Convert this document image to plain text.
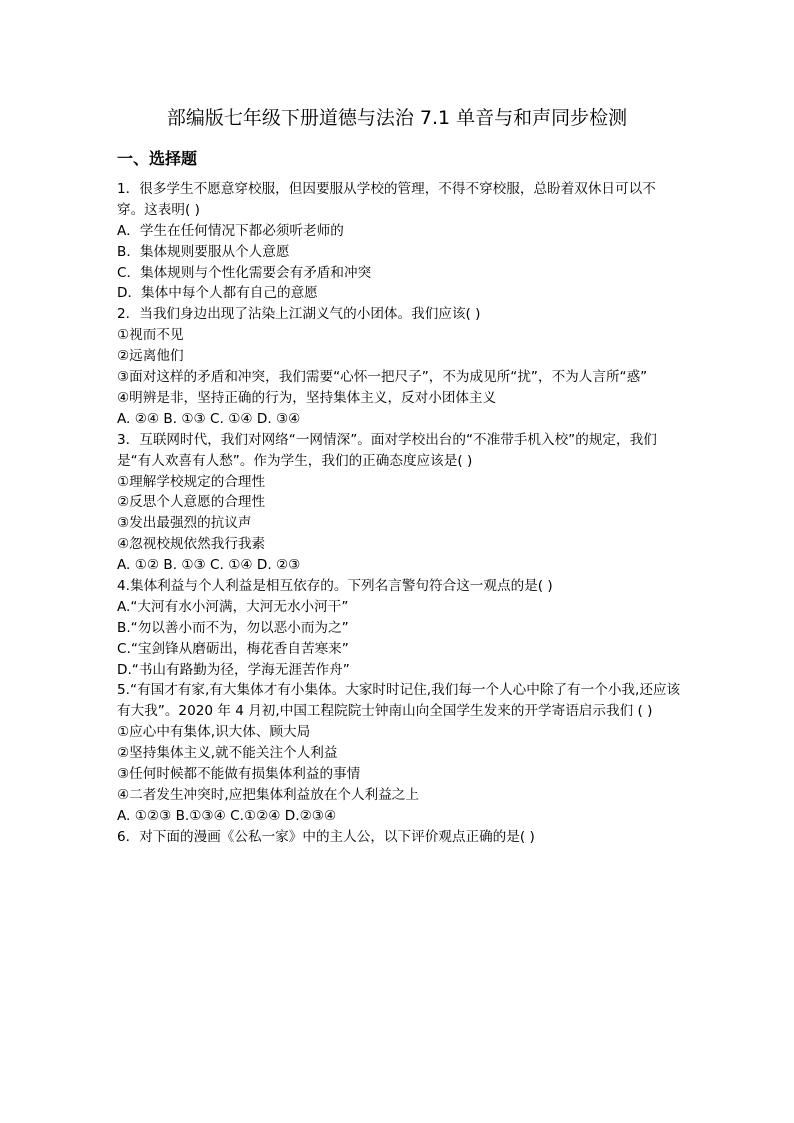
部编版七年级下册道德与法治 7.1 单音与和声同步检测
一、选择题
1．很多学生不愿意穿校服，但因要服从学校的管理，不得不穿校服，总盼着双休日可以不穿。这表明( )
A．学生在任何情况下都必须听老师的
B．集体规则要服从个人意愿
C．集体规则与个性化需要会有矛盾和冲突
D．集体中每个人都有自己的意愿
2．当我们身边出现了沾染上江湖义气的小团体。我们应该( )
①视而不见
②远离他们
③面对这样的矛盾和冲突，我们需要“心怀一把尺子”，不为成见所“扰”，不为人言所“惑”
④明辨是非，坚持正确的行为，坚持集体主义，反对小团体主义
A. ②④ B. ①③ C. ①④ D. ③④
3．互联网时代，我们对网络“一网情深”。面对学校出台的“不准带手机入校”的规定，我们是“有人欢喜有人愁”。作为学生，我们的正确态度应该是( )
①理解学校规定的合理性
②反思个人意愿的合理性
③发出最强烈的抗议声
④忽视校规依然我行我素
A. ①② B. ①③ C. ①④ D. ②③
4.集体利益与个人利益是相互依存的。下列名言警句符合这一观点的是( )
A.“大河有水小河满，大河无水小河干”
B.“勿以善小而不为，勿以恶小而为之”
C.“宝剑锋从磨砺出，梅花香自苦寒来”
D.“书山有路勤为径，学海无涯苦作舟”
5.“有国才有家,有大集体才有小集体。大家时时记住,我们每一个人心中除了有一个小我,还应该有大我”。2020 年 4 月初,中国工程院院士钟南山向全国学生发来的开学寄语启示我们 ( )
①应心中有集体,识大体、顾大局
②坚持集体主义,就不能关注个人利益
③任何时候都不能做有损集体利益的事情
④二者发生冲突时,应把集体利益放在个人利益之上
A. ①②③ B.①③④ C.①②④ D.②③④
6．对下面的漫画《公私一家》中的主人公，以下评价观点正确的是( )
